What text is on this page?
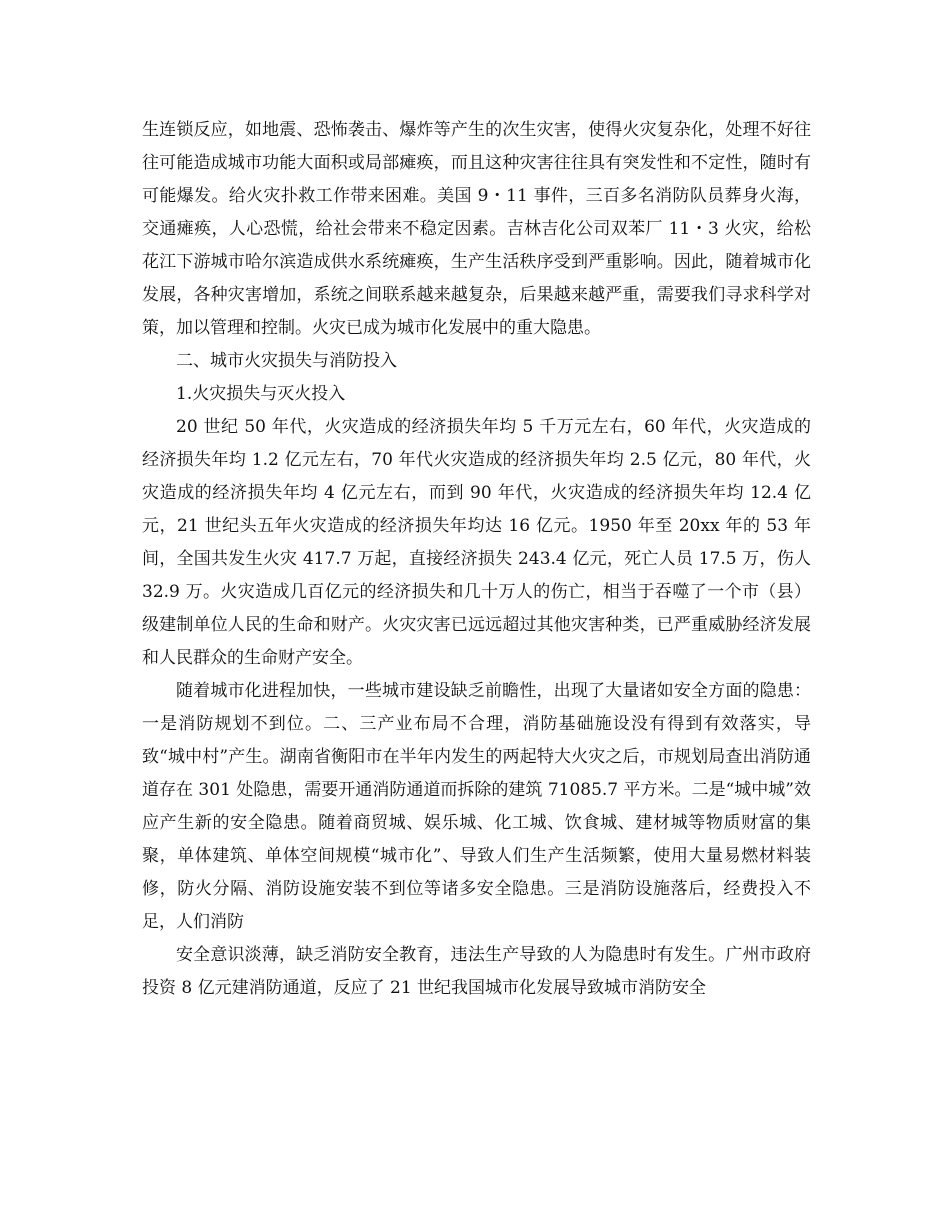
生连锁反应，如地震、恐怖袭击、爆炸等产生的次生灾害，使得火灾复杂化，处理不好往往可能造成城市功能大面积或局部瘫痪，而且这种灾害往往具有突发性和不定性，随时有可能爆发。给火灾扑救工作带来困难。美国 9・11 事件，三百多名消防队员葬身火海，交通瘫痪，人心恐慌，给社会带来不稳定因素。吉林吉化公司双苯厂 11・3 火灾，给松花江下游城市哈尔滨造成供水系统瘫痪，生产生活秩序受到严重影响。因此，随着城市化发展，各种灾害增加，系统之间联系越来越复杂，后果越来越严重，需要我们寻求科学对策，加以管理和控制。火灾已成为城市化发展中的重大隐患。

二、城市火灾损失与消防投入

1.火灾损失与灭火投入

20 世纪 50 年代，火灾造成的经济损失年均 5 千万元左右，60 年代，火灾造成的经济损失年均 1.2 亿元左右，70 年代火灾造成的经济损失年均 2.5 亿元，80 年代，火灾造成的经济损失年均 4 亿元左右，而到 90 年代，火灾造成的经济损失年均 12.4 亿元，21 世纪头五年火灾造成的经济损失年均达 16 亿元。1950 年至 20xx 年的 53 年间，全国共发生火灾 417.7 万起，直接经济损失 243.4 亿元，死亡人员 17.5 万，伤人 32.9 万。火灾造成几百亿元的经济损失和几十万人的伤亡，相当于吞噬了一个市（县）级建制单位人民的生命和财产。火灾灾害已远远超过其他灾害种类，已严重威胁经济发展和人民群众的生命财产安全。

随着城市化进程加快，一些城市建设缺乏前瞻性，出现了大量诸如安全方面的隐患：一是消防规划不到位。二、三产业布局不合理，消防基础施设没有得到有效落实，导致“城中村”产生。湖南省衡阳市在半年内发生的两起特大火灾之后，市规划局查出消防通道存在 301 处隐患，需要开通消防通道而拆除的建筑 71085.7 平方米。二是“城中城”效应产生新的安全隐患。随着商贸城、娱乐城、化工城、饮食城、建材城等物质财富的集聚，单体建筑、单体空间规模“城市化”、导致人们生产生活频繁，使用大量易燃材料装修，防火分隔、消防设施安装不到位等诸多安全隐患。三是消防设施落后，经费投入不足，人们消防

安全意识淡薄，缺乏消防安全教育，违法生产导致的人为隐患时有发生。广州市政府投资 8 亿元建消防通道，反应了 21 世纪我国城市化发展导致城市消防安全
